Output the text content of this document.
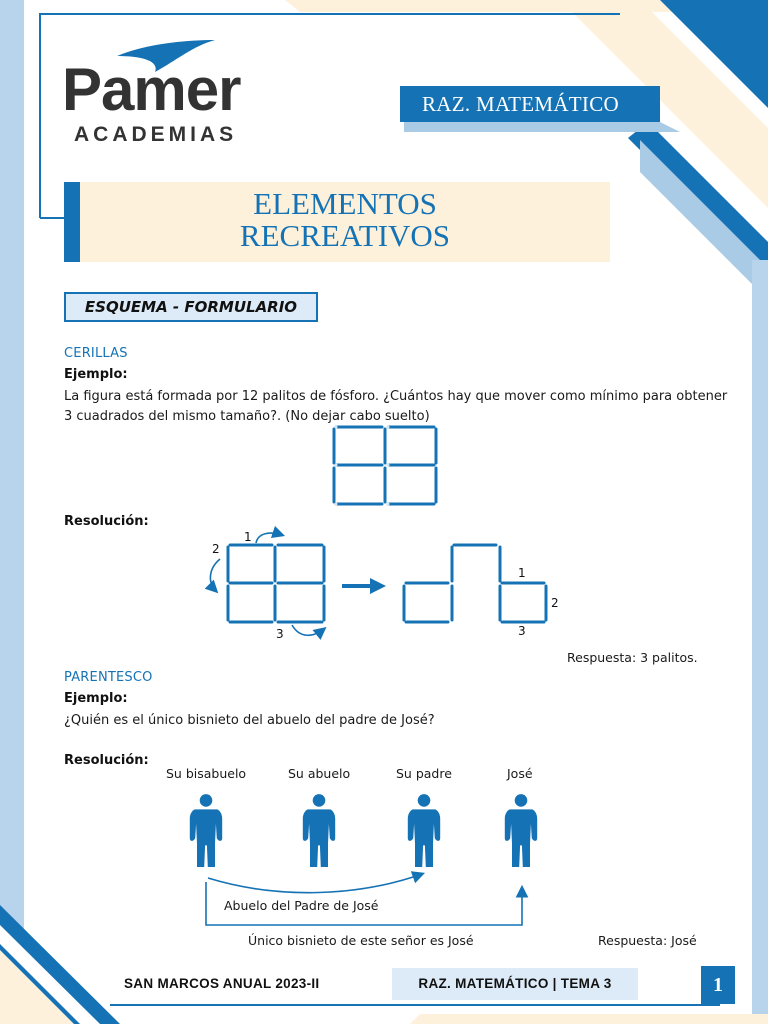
Pamer
ACADEMIAS
RAZ. MATEMÁTICO
ELEMENTOS
RECREATIVOS
ESQUEMA - FORMULARIO
CERILLAS
Ejemplo:
La figura está formada por 12 palitos de fósforo. ¿Cuántos hay que mover como mínimo para obtener
3 cuadrados del mismo tamaño?. (No dejar cabo suelto)
Resolución:
1
2
3
1
2
3
Respuesta: 3 palitos.
PARENTESCO
Ejemplo:
¿Quién es el único bisnieto del abuelo del padre de José?
Resolución:
Su bisabuelo	Su abuelo	Su padre	José
Abuelo del Padre de José
Único bisnieto de este señor es José	Respuesta: José
SAN MARCOS ANUAL 2023-II	RAZ. MATEMÁTICO | TEMA 3	1
